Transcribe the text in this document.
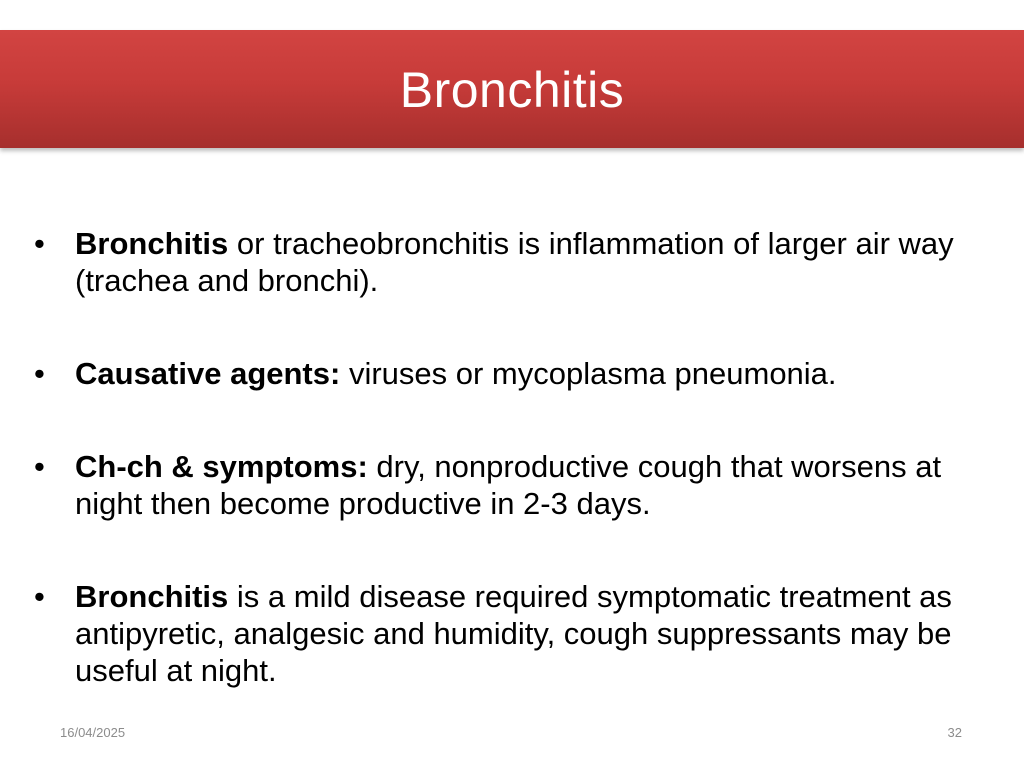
Bronchitis
• Bronchitis or tracheobronchitis is inflammation of larger air way (trachea and bronchi).
• Causative agents: viruses or mycoplasma pneumonia.
• Ch-ch & symptoms: dry, nonproductive cough that worsens at night then become productive in 2-3 days.
• Bronchitis is a mild disease required symptomatic treatment as antipyretic, analgesic and humidity, cough suppressants may be useful at night.
16/04/2025	32
